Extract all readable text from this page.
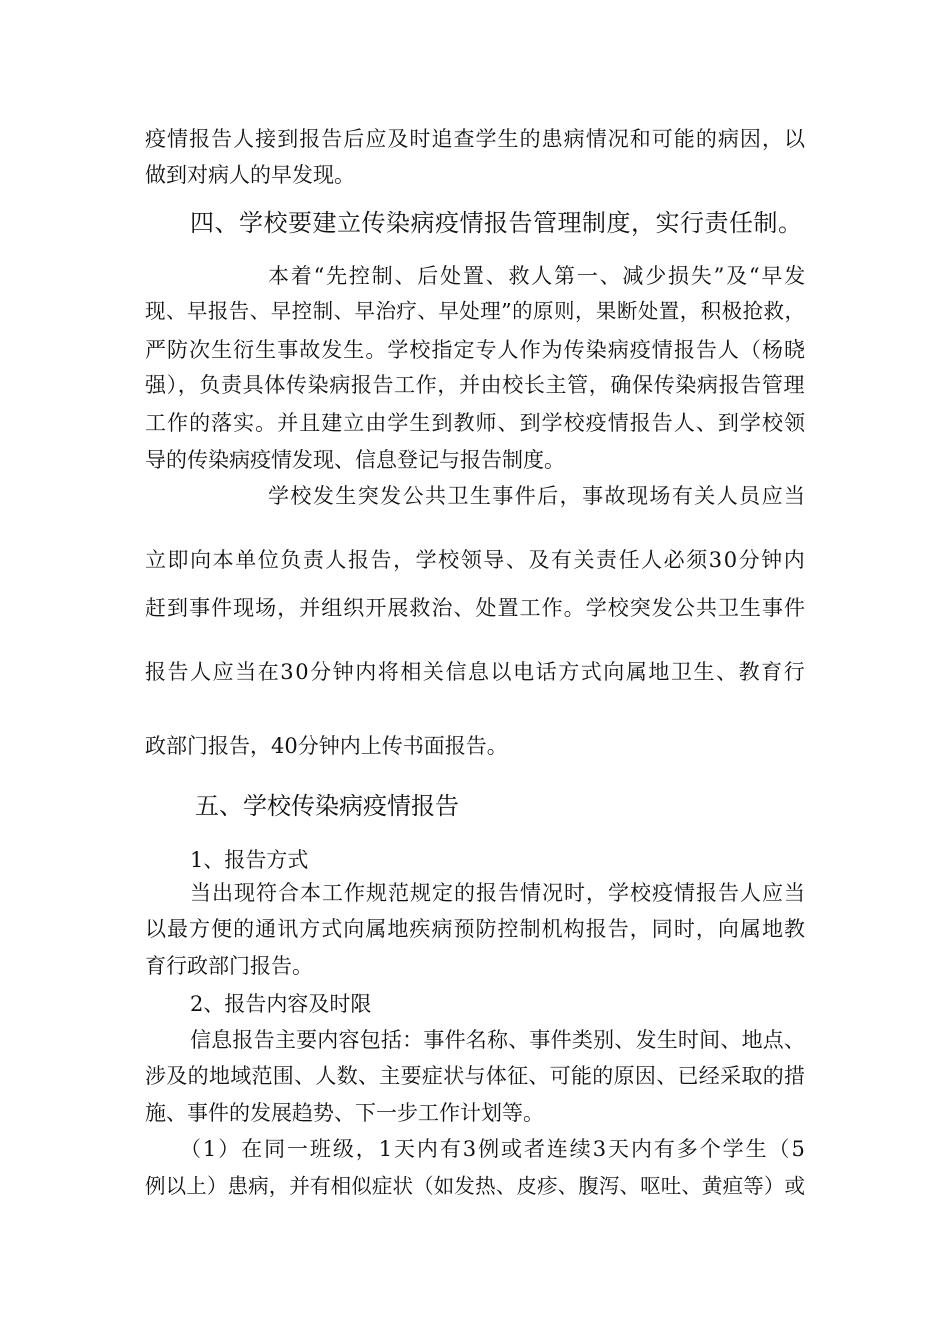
疫情报告人接到报告后应及时追查学生的患病情况和可能的病因，以
做到对病人的早发现。
四、学校要建立传染病疫情报告管理制度，实行责任制。
本着“先控制、后处置、救人第一、减少损失”及“早发
现、早报告、早控制、早治疗、早处理”的原则，果断处置，积极抢救，
严防次生衍生事故发生。学校指定专人作为传染病疫情报告人（杨晓
强），负责具体传染病报告工作，并由校长主管，确保传染病报告管理
工作的落实。并且建立由学生到教师、到学校疫情报告人、到学校领
导的传染病疫情发现、信息登记与报告制度。
学校发生突发公共卫生事件后，事故现场有关人员应当
立即向本单位负责人报告，学校领导、及有关责任人必须30分钟内
赶到事件现场，并组织开展救治、处置工作。学校突发公共卫生事件
报告人应当在30分钟内将相关信息以电话方式向属地卫生、教育行
政部门报告，40分钟内上传书面报告。
五、学校传染病疫情报告
1、报告方式
当出现符合本工作规范规定的报告情况时，学校疫情报告人应当
以最方便的通讯方式向属地疾病预防控制机构报告，同时，向属地教
育行政部门报告。
2、报告内容及时限
信息报告主要内容包括：事件名称、事件类别、发生时间、地点、
涉及的地域范围、人数、主要症状与体征、可能的原因、已经采取的措
施、事件的发展趋势、下一步工作计划等。
（1）在同一班级，1天内有3例或者连续3天内有多个学生（5
例以上）患病，并有相似症状（如发热、皮疹、腹泻、呕吐、黄疸等）或
